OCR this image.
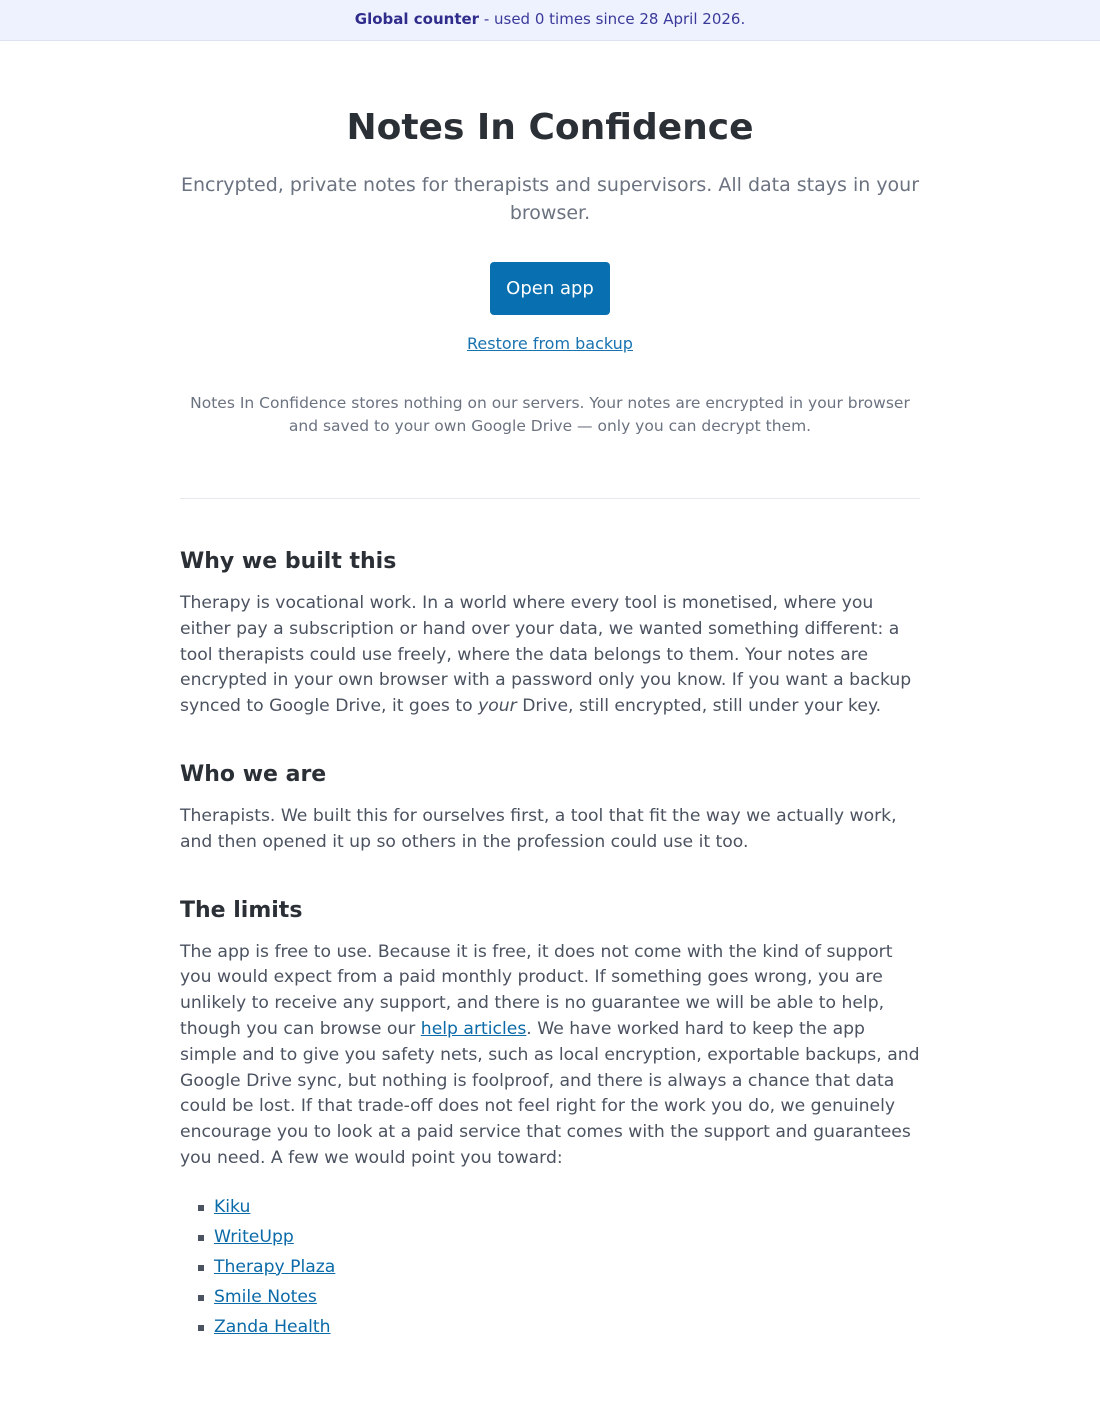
Global counter - used 0 times since 28 April 2026.
Notes In Confidence

Encrypted, private notes for therapists and supervisors. All data stays in your browser.

Open app
Restore from backup

Notes In Confidence stores nothing on our servers. Your notes are encrypted in your browser and saved to your own Google Drive — only you can decrypt them.

Why we built this

Therapy is vocational work. In a world where every tool is monetised, where you either pay a subscription or hand over your data, we wanted something different: a tool therapists could use freely, where the data belongs to them. Your notes are encrypted in your own browser with a password only you know. If you want a backup synced to Google Drive, it goes to your Drive, still encrypted, still under your key.

Who we are

Therapists. We built this for ourselves first, a tool that fit the way we actually work, and then opened it up so others in the profession could use it too.

The limits

The app is free to use. Because it is free, it does not come with the kind of support you would expect from a paid monthly product. If something goes wrong, you are unlikely to receive any support, and there is no guarantee we will be able to help, though you can browse our help articles. We have worked hard to keep the app simple and to give you safety nets, such as local encryption, exportable backups, and Google Drive sync, but nothing is foolproof, and there is always a chance that data could be lost. If that trade-off does not feel right for the work you do, we genuinely encourage you to look at a paid service that comes with the support and guarantees you need. A few we would point you toward:

Kiku
WriteUpp
Therapy Plaza
Smile Notes
Zanda Health
